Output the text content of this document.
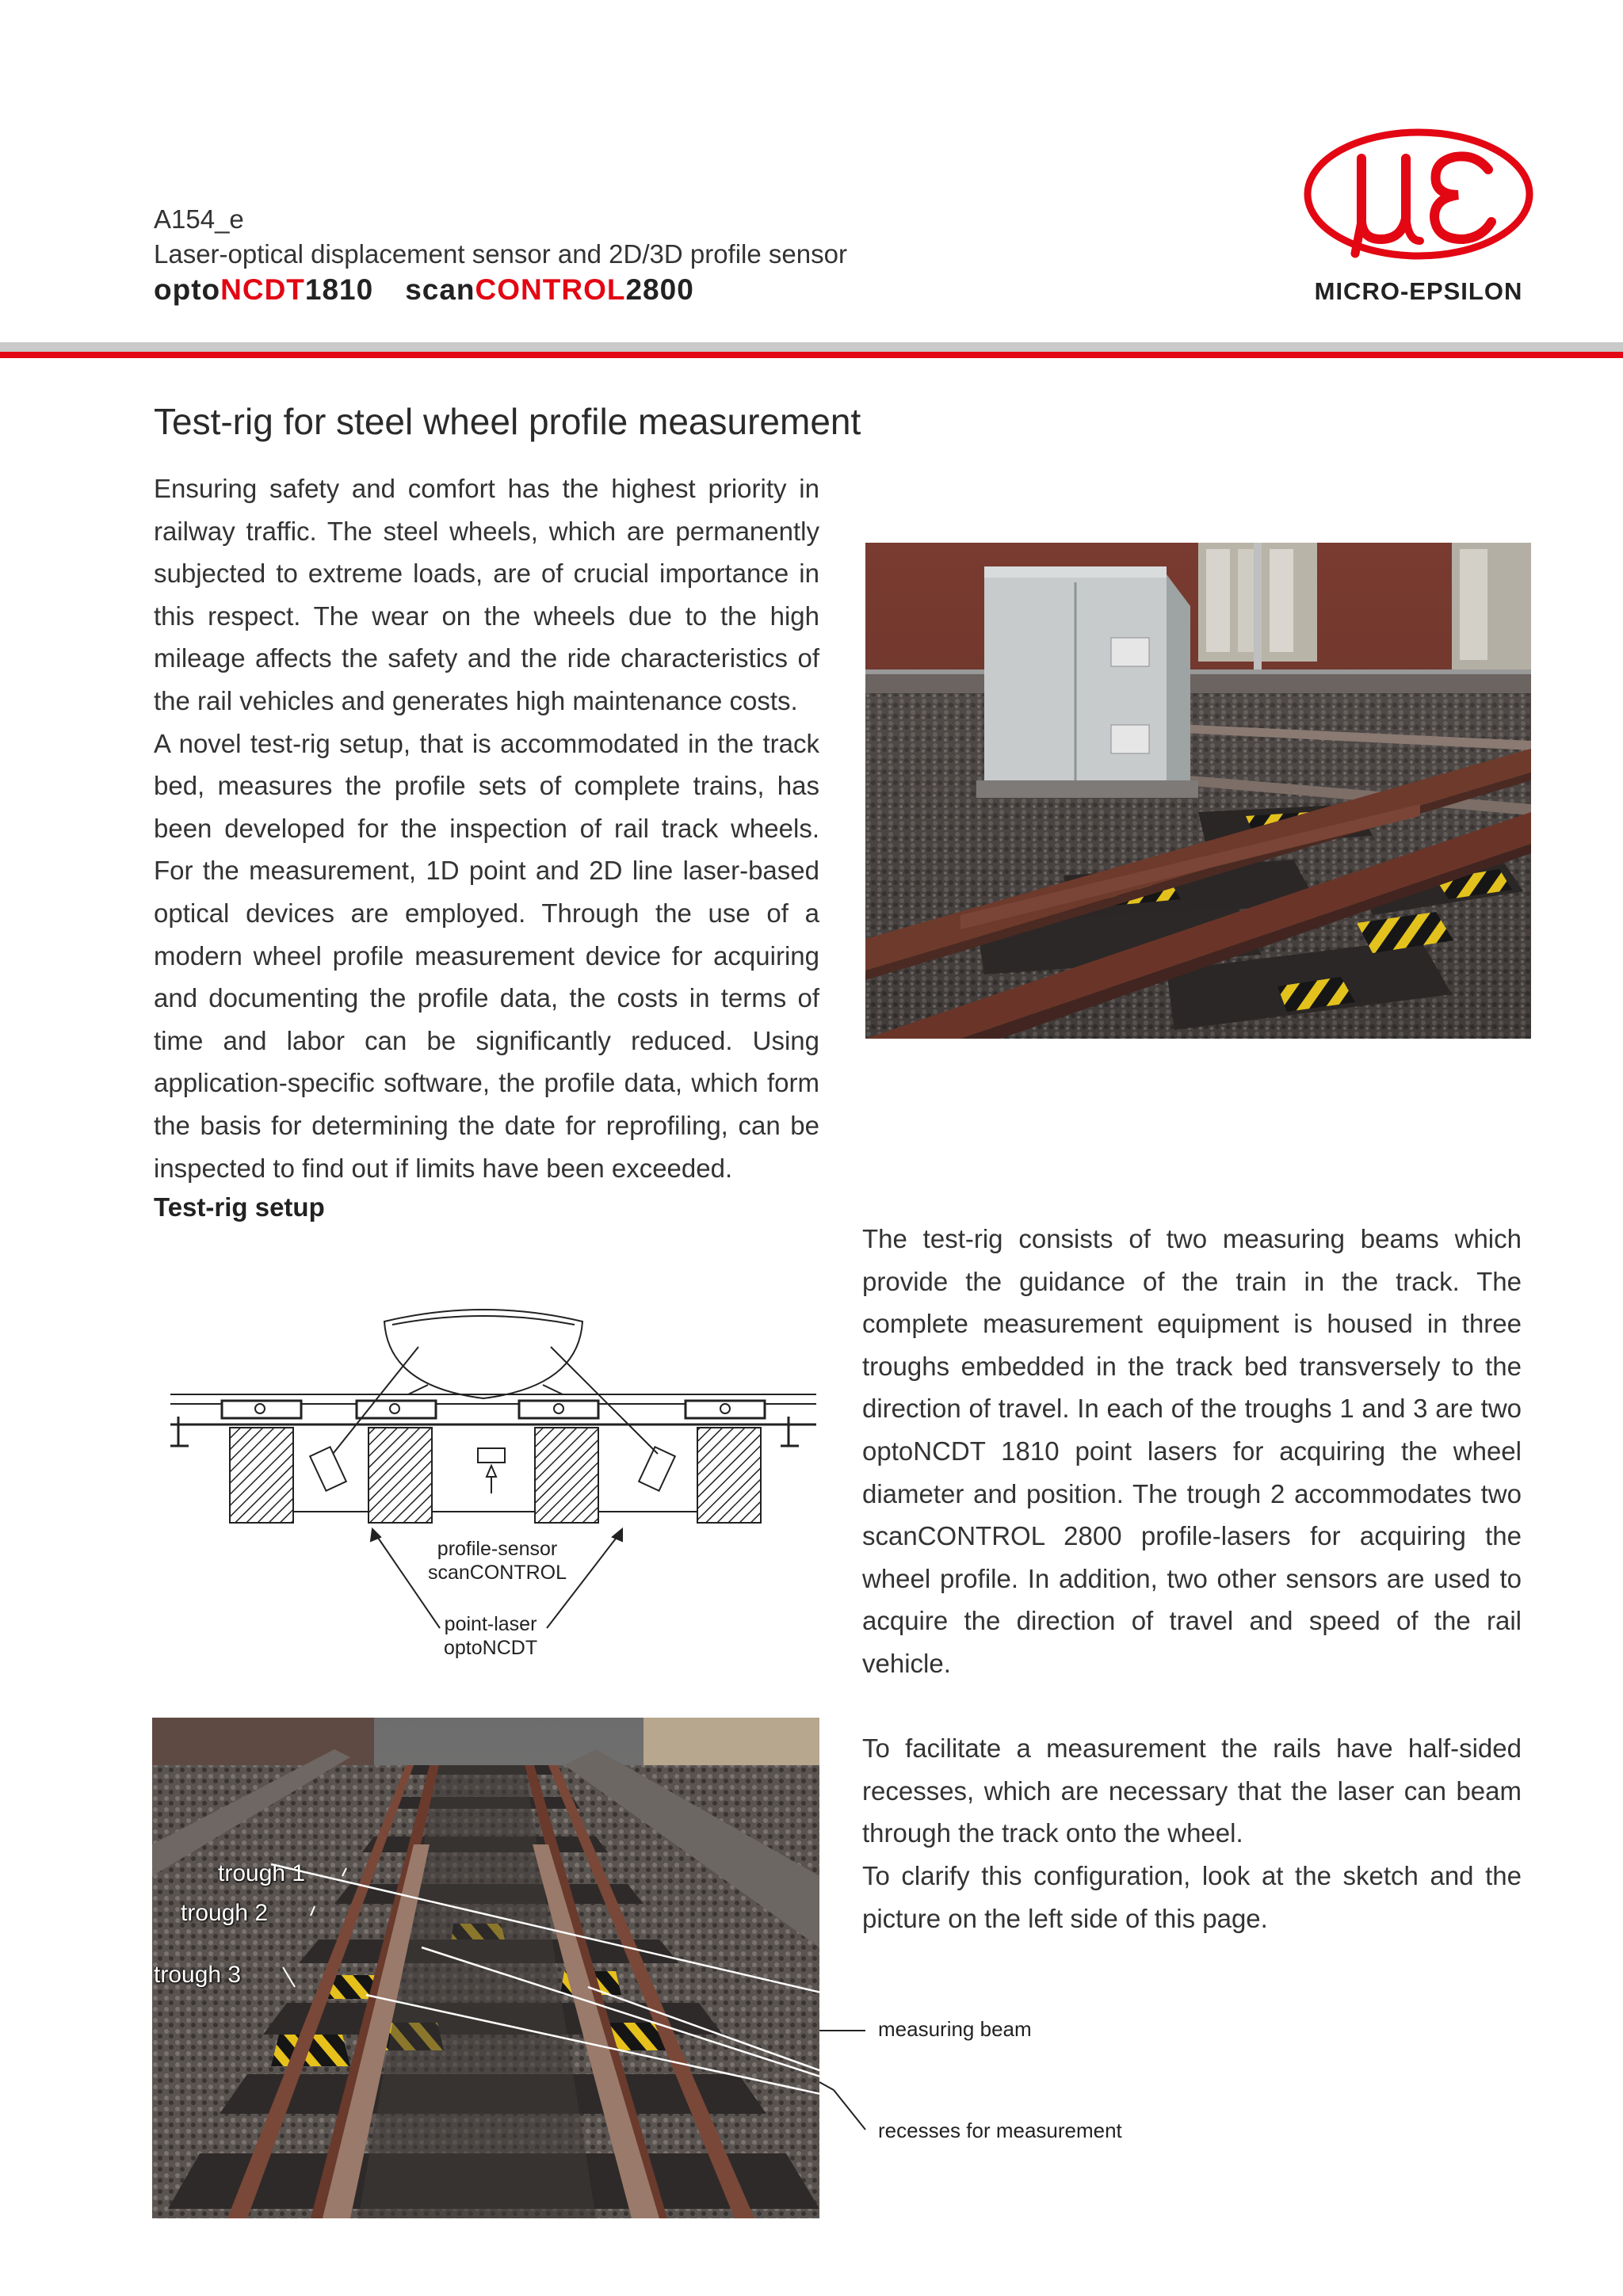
A154_e
Laser-optical displacement sensor and 2D/3D profile sensor
optoNCDT1810 scanCONTROL2800	MICRO-EPSILON
Test-rig for steel wheel profile measurement

Ensuring safety and comfort has the highest priority in railway traffic. The steel wheels, which are permanently subjected to extreme loads, are of crucial importance in this respect. The wear on the wheels due to the high mileage affects the safety and the ride characteristics of the rail vehicles and generates high maintenance costs.

A novel test-rig setup, that is accommodated in the track bed, measures the profile sets of complete trains, has been developed for the inspection of rail track wheels. For the measurement, 1D point and 2D line laser-based optical devices are employed. Through the use of a modern wheel profile measurement device for acquiring and documenting the profile data, the costs in terms of time and labor can be significantly reduced. Using application-specific software, the profile data, which form the basis for determining the date for reprofiling, can be inspected to find out if limits have been exceeded.

Test-rig setup
profile-sensor
scanCONTROL
point-laser
optoNCDT
trough 1
trough 2
trough 3
measuring beam
recesses for measurement

The test-rig consists of two measuring beams which provide the guidance of the train in the track. The complete measurement equipment is housed in three troughs embedded in the track bed transversely to the direction of travel. In each of the troughs 1 and 3 are two optoNCDT 1810 point lasers for acquiring the wheel diameter and position. The trough 2 accommodates two scanCONTROL 2800 profile-lasers for acquiring the wheel profile. In addition, two other sensors are used to acquire the direction of travel and speed of the rail vehicle.

To facilitate a measurement the rails have half-sided recesses, which are necessary that the laser can beam through the track onto the wheel.

To clarify this configuration, look at the sketch and the picture on the left side of this page.
